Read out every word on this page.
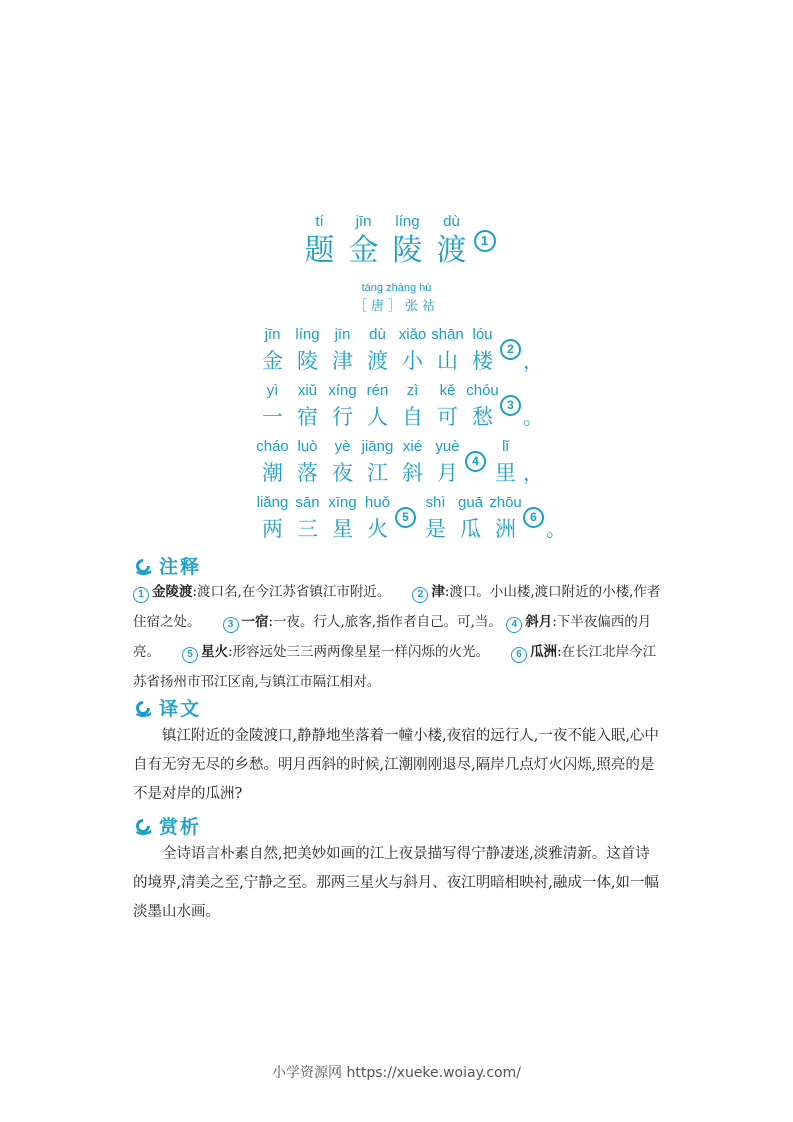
tí
题
jīn
金
líng
陵
dù
渡	1
táng zhāng hù
［唐］张祜
jīn
金
líng
陵
jīn
津
dù
渡
xiǎo
小
shān
山
lóu
楼	2 ，
yì
一
xiǔ
宿
xíng
行
rén
人
zì
自
kě
可
chóu
愁	3 。
cháo
潮
luò
落
yè
夜
jiāng
江
xié
斜
yuè
月	4
lǐ
里 ，
liǎng
两
sān
三
xīng
星
huǒ
火	5
shì
是
guā
瓜
zhōu
洲	6 。
注释
1 金陵渡:渡口名,在今江苏省镇江市附近。	2 津:渡口。小山楼,渡口附近的小楼,作者住宿之处。	3 一宿:一夜。行人,旅客,指作者自己。可,当。 4 斜月:下半夜偏西的月亮。	5 星火:形容远处三三两两像星星一样闪烁的火光。	6 瓜洲:在长江北岸今江苏省扬州市邗江区南,与镇江市隔江相对。
译文
镇江附近的金陵渡口,静静地坐落着一幢小楼,夜宿的远行人,一夜不能入眠,心中自有无穷无尽的乡愁。明月西斜的时候,江潮刚刚退尽,隔岸几点灯火闪烁,照亮的是不是对岸的瓜洲?
赏析
全诗语言朴素自然,把美妙如画的江上夜景描写得宁静凄迷,淡雅清新。这首诗的境界,清美之至,宁静之至。那两三星火与斜月、夜江明暗相映衬,融成一体,如一幅淡墨山水画。
小学资源网 https://xueke.woiay.com/
